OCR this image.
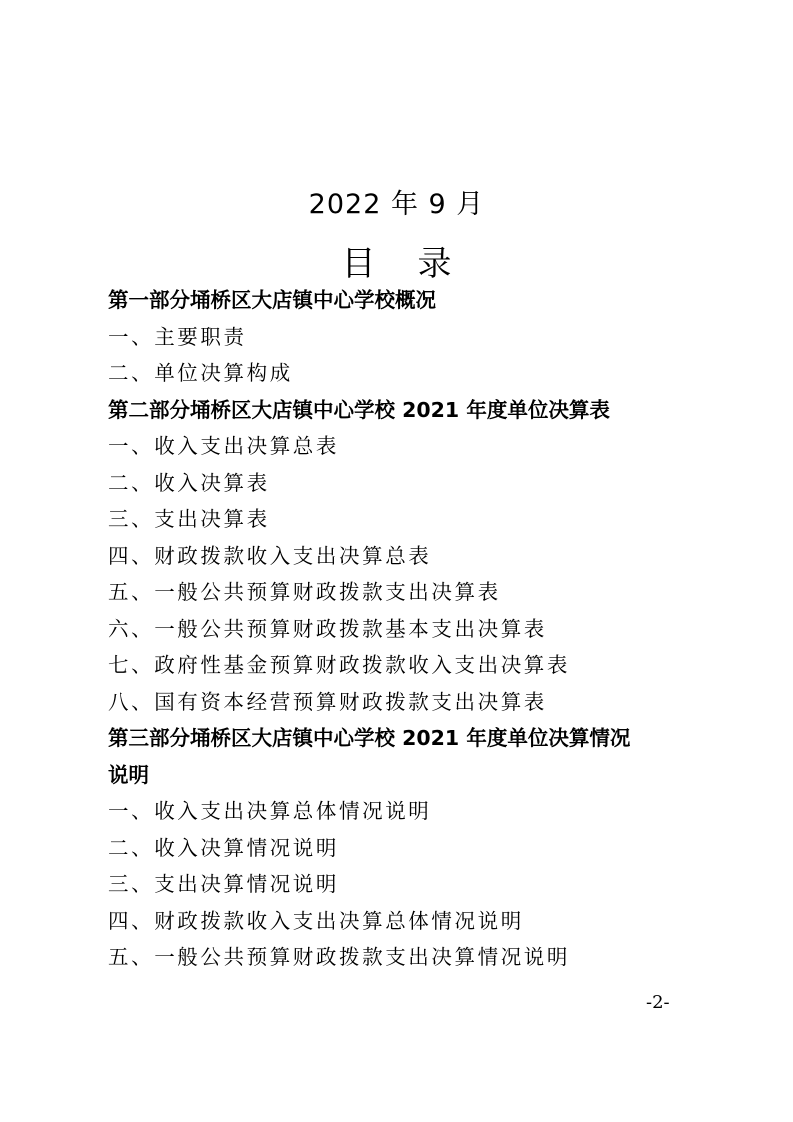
2022 年 9 月
目录
第一部分埇桥区大店镇中心学校概况
一、主要职责
二、单位决算构成
第二部分埇桥区大店镇中心学校 2021 年度单位决算表
一、收入支出决算总表
二、收入决算表
三、支出决算表
四、财政拨款收入支出决算总表
五、一般公共预算财政拨款支出决算表
六、一般公共预算财政拨款基本支出决算表
七、政府性基金预算财政拨款收入支出决算表
八、国有资本经营预算财政拨款支出决算表
第三部分埇桥区大店镇中心学校 2021 年度单位决算情况
说明
一、收入支出决算总体情况说明
二、收入决算情况说明
三、支出决算情况说明
四、财政拨款收入支出决算总体情况说明
五、一般公共预算财政拨款支出决算情况说明
-2-
